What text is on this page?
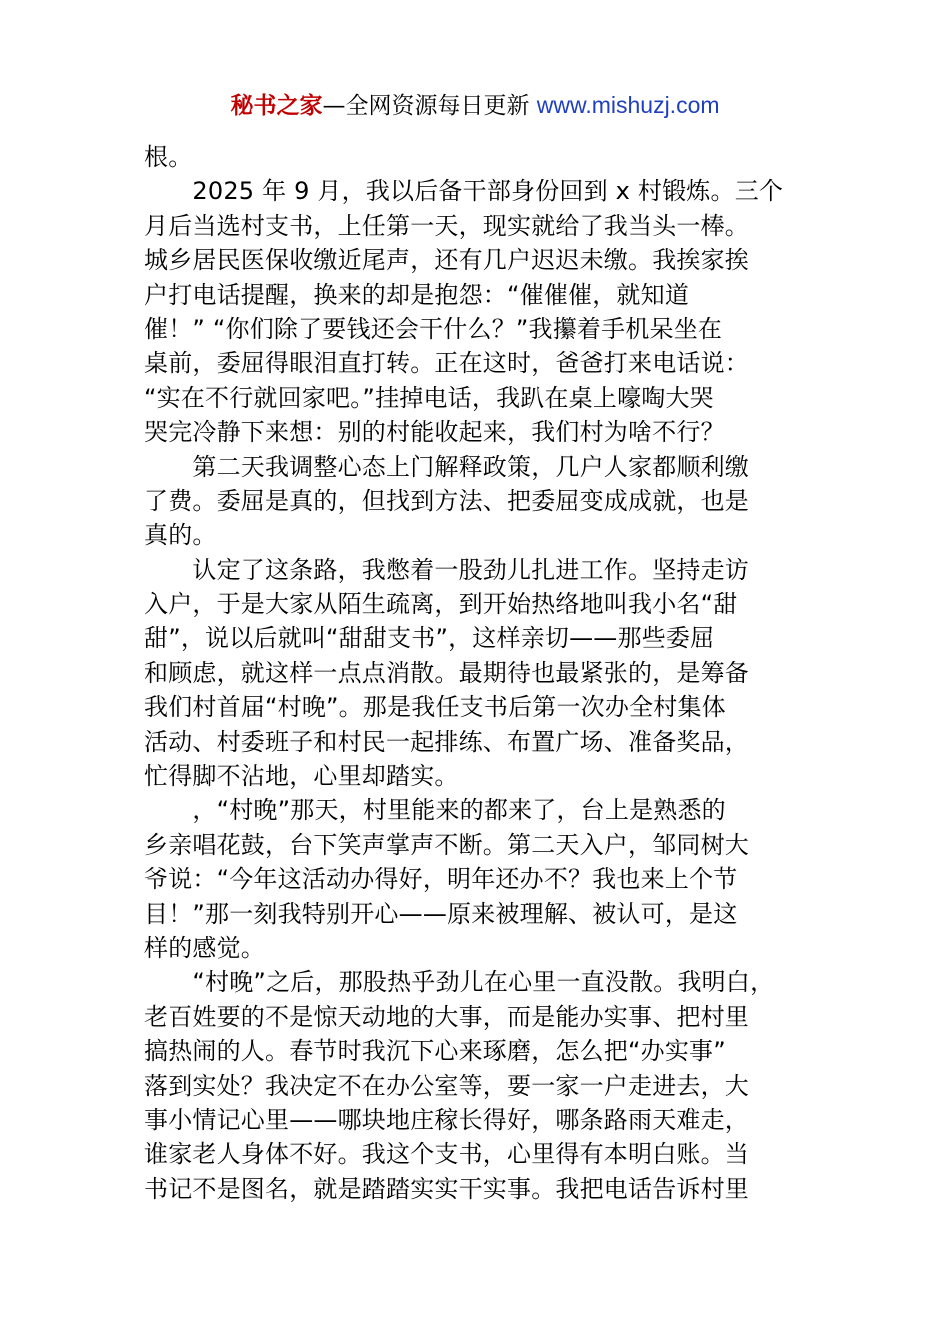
秘书之家—全网资源每日更新 www.mishuzj.com
根。
　　2025 年 9 月，我以后备干部身份回到 x 村锻炼。三个
月后当选村支书，上任第一天，现实就给了我当头一棒。
城乡居民医保收缴近尾声，还有几户迟迟未缴。我挨家挨
户打电话提醒，换来的却是抱怨：“催催催，就知道
催！” “你们除了要钱还会干什么？”我攥着手机呆坐在
桌前，委屈得眼泪直打转。正在这时，爸爸打来电话说：
“实在不行就回家吧。”挂掉电话，我趴在桌上嚎啕大哭
哭完冷静下来想：别的村能收起来，我们村为啥不行？
　　第二天我调整心态上门解释政策，几户人家都顺利缴
了费。委屈是真的，但找到方法、把委屈变成成就，也是
真的。
　　认定了这条路，我憋着一股劲儿扎进工作。坚持走访
入户，于是大家从陌生疏离，到开始热络地叫我小名“甜
甜”，说以后就叫“甜甜支书”，这样亲切——那些委屈
和顾虑，就这样一点点消散。最期待也最紧张的，是筹备
我们村首届“村晚”。那是我任支书后第一次办全村集体
活动、村委班子和村民一起排练、布置广场、准备奖品，
忙得脚不沾地，心里却踏实。
　　，“村晚”那天，村里能来的都来了，台上是熟悉的
乡亲唱花鼓，台下笑声掌声不断。第二天入户，邹同树大
爷说：“今年这活动办得好，明年还办不？我也来上个节
目！”那一刻我特别开心——原来被理解、被认可，是这
样的感觉。
　　“村晚”之后，那股热乎劲儿在心里一直没散。我明白，
老百姓要的不是惊天动地的大事，而是能办实事、把村里
搞热闹的人。春节时我沉下心来琢磨，怎么把“办实事”
落到实处？我决定不在办公室等，要一家一户走进去，大
事小情记心里——哪块地庄稼长得好，哪条路雨天难走，
谁家老人身体不好。我这个支书，心里得有本明白账。当
书记不是图名，就是踏踏实实干实事。我把电话告诉村里
